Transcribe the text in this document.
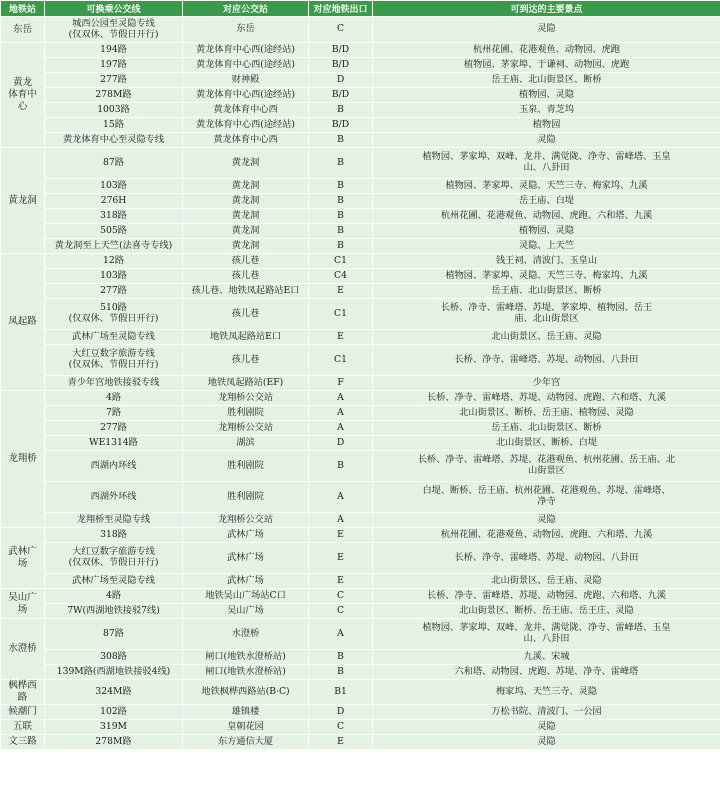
地铁站	可换乘公交线	对应公交站	对应地铁出口	可到达的主要景点
东岳	城西公园至灵隐专线
(仅双休、节假日开行)	东岳	C	灵隐
黄龙
体育中心	194路	黄龙体育中心西(途经站)	B/D	杭州花圃、花港观鱼、动物园、虎跑
	197路	黄龙体育中心西(途经站)	B/D	植物园、茅家埠、于谦祠、动物园、虎跑
	277路	财神殿	D	岳王庙、北山街景区、断桥
	278M路	黄龙体育中心西(途经站)	B/D	植物园、灵隐
	1003路	黄龙体育中心西	B	玉泉、青芝坞
	15路	黄龙体育中心西(途经站)	B/D	植物园
	黄龙体育中心至灵隐专线	黄龙体育中心西	B	灵隐
黄龙洞	87路	黄龙洞	B	植物园、茅家埠、双峰、龙井、满觉陇、净寺、雷峰塔、玉皇
山、八卦田
	103路	黄龙洞	B	植物园、茅家埠、灵隐、天竺三寺、梅家坞、九溪
	276H	黄龙洞	B	岳王庙、白堤
	318路	黄龙洞	B	杭州花圃、花港观鱼、动物园、虎跑、六和塔、九溪
	505路	黄龙洞	B	植物园、灵隐
	黄龙洞至上天竺(法喜寺专线)	黄龙洞	B	灵隐、上天竺
凤起路	12路	孩儿巷	C1	钱王祠、清波门、玉皇山
	103路	孩儿巷	C4	植物园、茅家埠、灵隐、天竺三寺、梅家坞、九溪
	277路	孩儿巷、地铁凤起路站E口	E	岳王庙、北山街景区、断桥
	510路
(仅双休、节假日开行)	孩儿巷	C1	长桥、净寺、雷峰塔、苏堤、茅家埠、植物园、岳王
庙、北山街景区
	武林广场至灵隐专线	地铁凤起路站E口	E	北山街景区、岳王庙、灵隐
	大红豆数字旅游专线
(仅双休、节假日开行)	孩儿巷	C1	长桥、净寺、雷峰塔、苏堤、动物园、八卦田
	青少年宫地铁接驳专线	地铁凤起路站(EF)	F	少年宫
龙翔桥	4路	龙翔桥公交站	A	长桥、净寺、雷峰塔、苏堤、动物园、虎跑、六和塔、九溪
	7路	胜利剧院	A	北山街景区、断桥、岳王庙、植物园、灵隐
	277路	龙翔桥公交站	A	岳王庙、北山街景区、断桥
	WE1314路	湖滨	D	北山街景区、断桥、白堤
	西湖内环线	胜利剧院	B	长桥、净寺、雷峰塔、苏堤、花港观鱼、杭州花圃、岳王庙、北
山街景区
	西湖外环线	胜利剧院	A	白堤、断桥、岳王庙、杭州花圃、花港观鱼、苏堤、雷峰塔、
净寺
	龙翔桥至灵隐专线	龙翔桥公交站	A	灵隐
武林广场	318路	武林广场	E	杭州花圃、花港观鱼、动物园、虎跑、六和塔、九溪
	大红豆数字旅游专线
(仅双休、节假日开行)	武林广场	E	长桥、净寺、雷峰塔、苏堤、动物园、八卦田
	武林广场至灵隐专线	武林广场	E	北山街景区、岳王庙、灵隐
吴山广场	4路	地铁吴山广场站C口	C	长桥、净寺、雷峰塔、苏堤、动物园、虎跑、六和塔、九溪
	7W(西湖地铁接驳7线)	吴山广场	C	北山街景区、断桥、岳王庙、岳王庄、灵隐
水澄桥	87路	水澄桥	A	植物园、茅家埠、双峰、龙井、满觉陇、净寺、雷峰塔、玉皇
山、八卦田
	308路	闸口(地铁水澄桥站)	B	九溪、宋城
	139M路(西湖地铁接驳4线)	闸口(地铁水澄桥站)	B	六和塔、动物园、虎跑、苏堤、净寺、雷峰塔
枫桦西路	324M路	地铁枫桦西路站(B·C)	B1	梅家坞、天竺三寺、灵隐
候潮门	102路	雄镇楼	D	万松书院、清波门、一公园
五联	319M	皇朝花园	C	灵隐
文三路	278M路	东方通信大厦	E	灵隐
